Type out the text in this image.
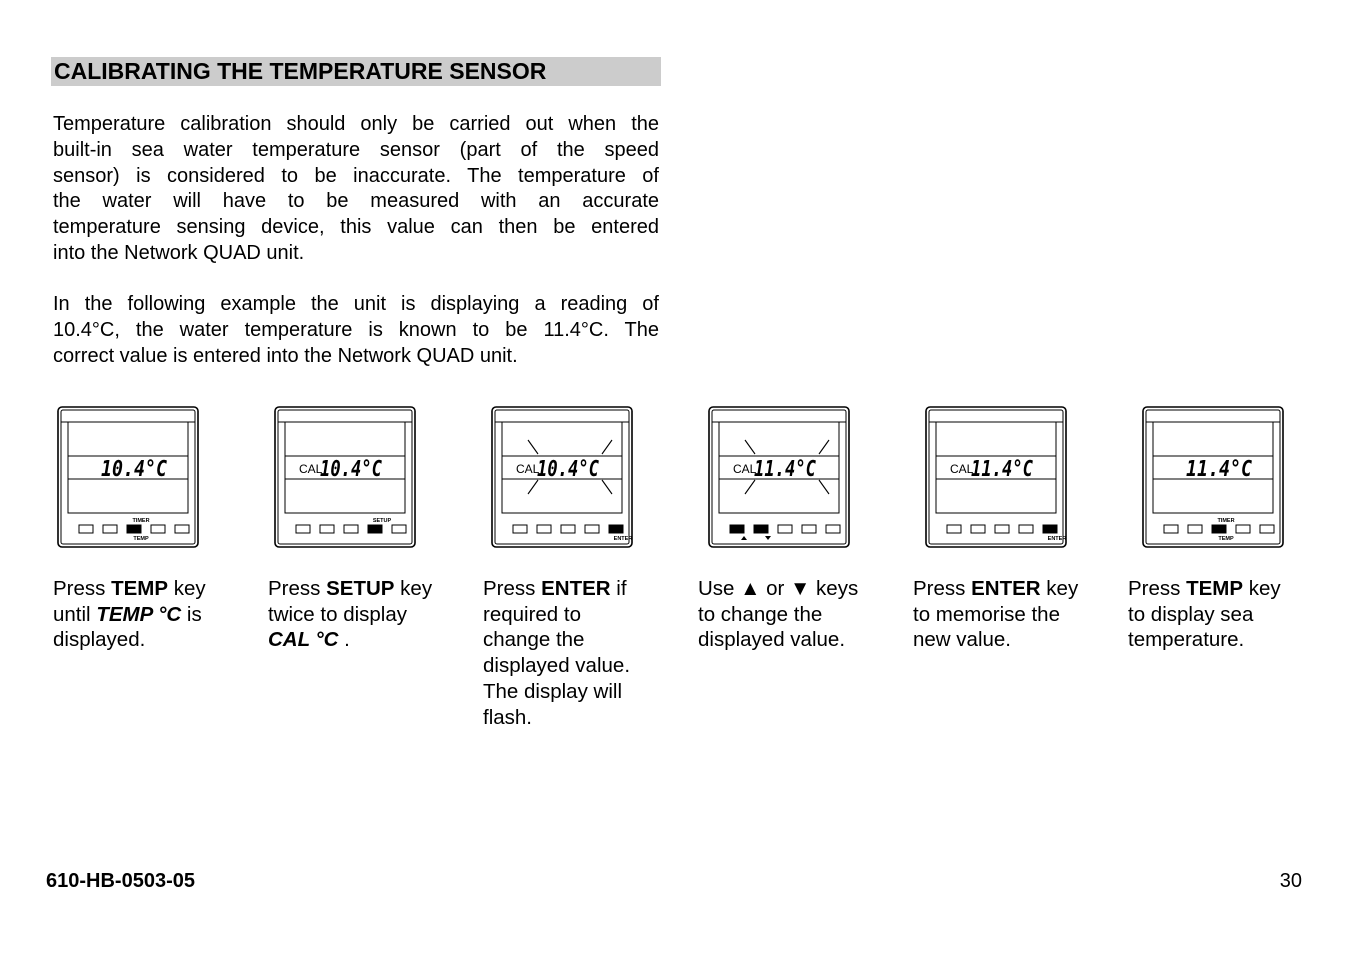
CALIBRATING THE TEMPERATURE SENSOR

Temperature calibration should only be carried out when the
built-in sea water temperature sensor (part of the speed
sensor) is considered to be inaccurate. The temperature of
the water will have to be measured with an accurate
temperature sensing device, this value can then be entered
into the Network QUAD unit.

In the following example the unit is displaying a reading of
10.4°C, the water temperature is known to be 11.4°C. The
correct value is entered into the Network QUAD unit.

10.4°C
TIMER
TEMP

Press TEMP key
until TEMP °C is
displayed.

CAL
10.4°C
SETUP

Press SETUP key
twice to display
CAL °C .

CAL
10.4°C
ENTER

Press ENTER if
required to
change the
displayed value.
The display will
flash.

CAL
11.4°C

Use ▲ or ▼ keys
to change the
displayed value.

CAL
11.4°C
ENTER

Press ENTER key
to memorise the
new value.

11.4°C
TIMER
TEMP

Press TEMP key
to display sea
temperature.

610-HB-0503-05	30
